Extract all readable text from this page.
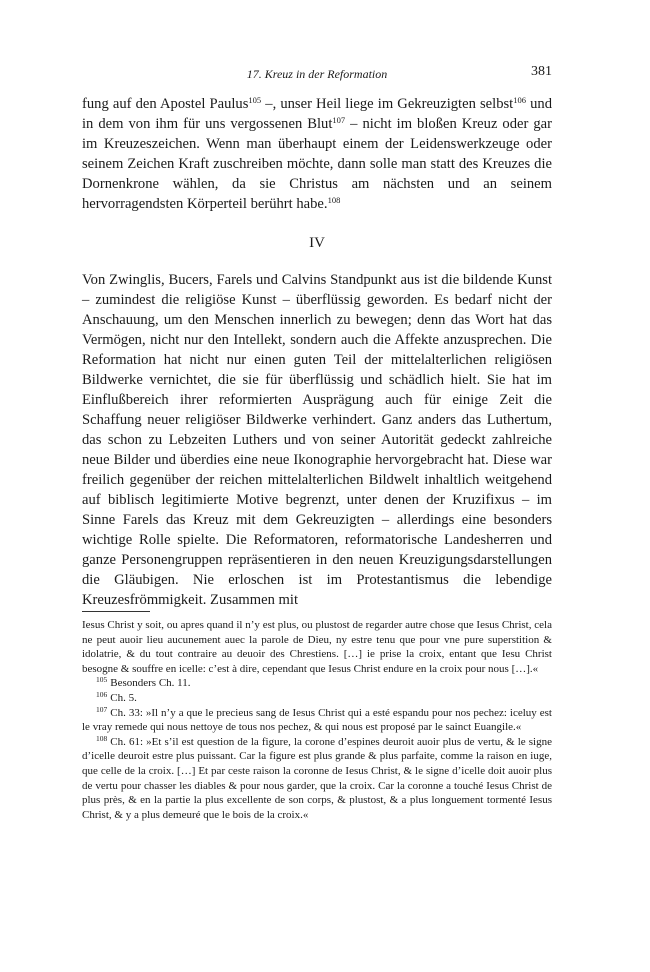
17. Kreuz in der Reformation	381

fung auf den Apostel Paulus$^{105}$ –, unser Heil liege im Gekreuzigten selbst$^{106}$ und in dem von ihm für uns vergossenen Blut$^{107}$ – nicht im bloßen Kreuz oder gar im Kreuzeszeichen. Wenn man überhaupt einem der Leidenswerkzeuge oder seinem Zeichen Kraft zuschreiben möchte, dann solle man statt des Kreuzes die Dornenkrone wählen, da sie Christus am nächsten und an seinem hervorragendsten Körperteil berührt habe.$^{108}$

IV

Von Zwinglis, Bucers, Farels und Calvins Standpunkt aus ist die bildende Kunst – zumindest die religiöse Kunst – überflüssig geworden. Es bedarf nicht der Anschauung, um den Menschen innerlich zu bewegen; denn das Wort hat das Vermögen, nicht nur den Intellekt, sondern auch die Affekte anzusprechen. Die Reformation hat nicht nur einen guten Teil der mittelalterlichen religiösen Bildwerke vernichtet, die sie für überflüssig und schädlich hielt. Sie hat im Einflußbereich ihrer reformierten Ausprägung auch für einige Zeit die Schaffung neuer religiöser Bildwerke verhindert. Ganz anders das Luthertum, das schon zu Lebzeiten Luthers und von seiner Autorität gedeckt zahlreiche neue Bilder und überdies eine neue Ikonographie hervorgebracht hat. Diese war freilich gegenüber der reichen mittelalterlichen Bildwelt inhaltlich weitgehend auf biblisch legitimierte Motive begrenzt, unter denen der Kruzifixus – im Sinne Farels das Kreuz mit dem Gekreuzigten – allerdings eine besonders wichtige Rolle spielte. Die Reformatoren, reformatorische Landesherren und ganze Personengruppen repräsentieren in den neuen Kreuzigungsdarstellungen die Gläubigen. Nie erloschen ist im Protestantismus die lebendige Kreuzesfrömmigkeit. Zusammen mit

Iesus Christ y soit, ou apres quand il n’y est plus, ou plustost de regarder autre chose que Iesus Christ, cela ne peut auoir lieu aucunement auec la parole de Dieu, ny estre tenu que pour vne pure superstition & idolatrie, & du tout contraire au deuoir des Chrestiens. […] ie prise la croix, entant que Iesu Christ besogne & souffre en icelle: c’est à dire, cependant que Iesus Christ endure en la croix pour nous […].«

$^{105}$ Besonders Ch. 11.

$^{106}$ Ch. 5.

$^{107}$ Ch. 33: »Il n’y a que le precieus sang de Iesus Christ qui a esté espandu pour nos pechez: iceluy est le vray remede qui nous nettoye de tous nos pechez, & qui nous est proposé par le sainct Euangile.«

$^{108}$ Ch. 61: »Et s’il est question de la figure, la corone d’espines deuroit auoir plus de vertu, & le signe d’icelle deuroit estre plus puissant. Car la figure est plus grande & plus parfaite, comme la raison en iuge, que celle de la croix. […] Et par ceste raison la coronne de Iesus Christ, & le signe d’icelle doit auoir plus de vertu pour chasser les diables & pour nous garder, que la croix. Car la coronne a touché Iesus Christ de plus près, & en la partie la plus excellente de son corps, & plustost, & a plus longuement tormenté Iesus Christ, & y a plus demeuré que le bois de la croix.«
